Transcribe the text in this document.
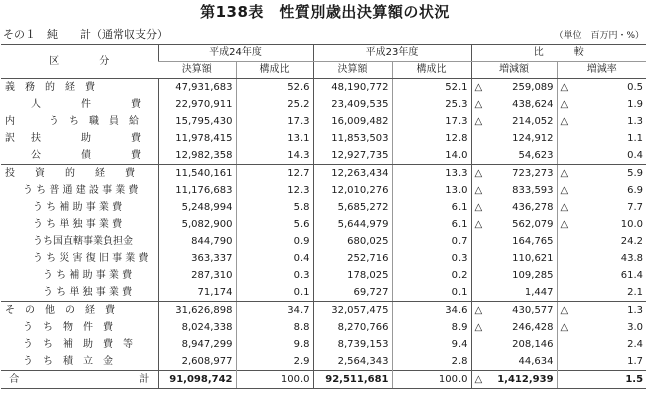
第138表　性質別歳出決算額の状況
その１　純　　計（通常収支分）	（単位　百万円・%）
区　　　　分	平成24年度		平成23年度		比　　　較	
	決算額	構成比	決算額	構成比	増減額	増減率
義　務　的　経　費	47,931,683	52.6	48,190,772	52.1	△ 259,089	△ 0.5
人　　　　件　　　　費	22,970,911	25.2	23,409,535	25.3	△ 438,624	△ 1.9
内 う　ち　職　員　給	15,795,430	17.3	16,009,482	17.3	△ 214,052	△ 1.3
訳 扶　　　　助　　　　費	11,978,415	13.1	11,853,503	12.8	124,912	1.1
公　　　　債　　　　費	12,982,358	14.3	12,927,735	14.0	54,623	0.4
投　　資　　的　　経　　費	11,540,161	12.7	12,263,434	13.3	△ 723,273	△ 5.9
う ち 普 通 建 設 事 業 費	11,176,683	12.3	12,010,276	13.0	△ 833,593	△ 6.9
う ち 補 助 事 業 費	5,248,994	5.8	5,685,272	6.1	△ 436,278	△ 7.7
う ち 単 独 事 業 費	5,082,900	5.6	5,644,979	6.1	△ 562,079	△ 10.0
うち国直轄事業負担金	844,790	0.9	680,025	0.7	164,765	24.2
う ち 災 害 復 旧 事 業 費	363,337	0.4	252,716	0.3	110,621	43.8
う ち 補 助 事 業 費	287,310	0.3	178,025	0.2	109,285	61.4
う ち 単 独 事 業 費	71,174	0.1	69,727	0.1	1,447	2.1
そ　の　他　の　経　費	31,626,898	34.7	32,057,475	34.6	△ 430,577	△ 1.3
う　ち　物　件　費	8,024,338	8.8	8,270,766	8.9	△ 246,428	△ 3.0
う　ち　補　助　費　等	8,947,299	9.8	8,739,153	9.4	208,146	2.4
う　ち　積　立　金	2,608,977	2.9	2,564,343	2.8	44,634	1.7
合　　　　　　　　　　　　計	91,098,742	100.0	92,511,681	100.0	△ 1,412,939	1.5
